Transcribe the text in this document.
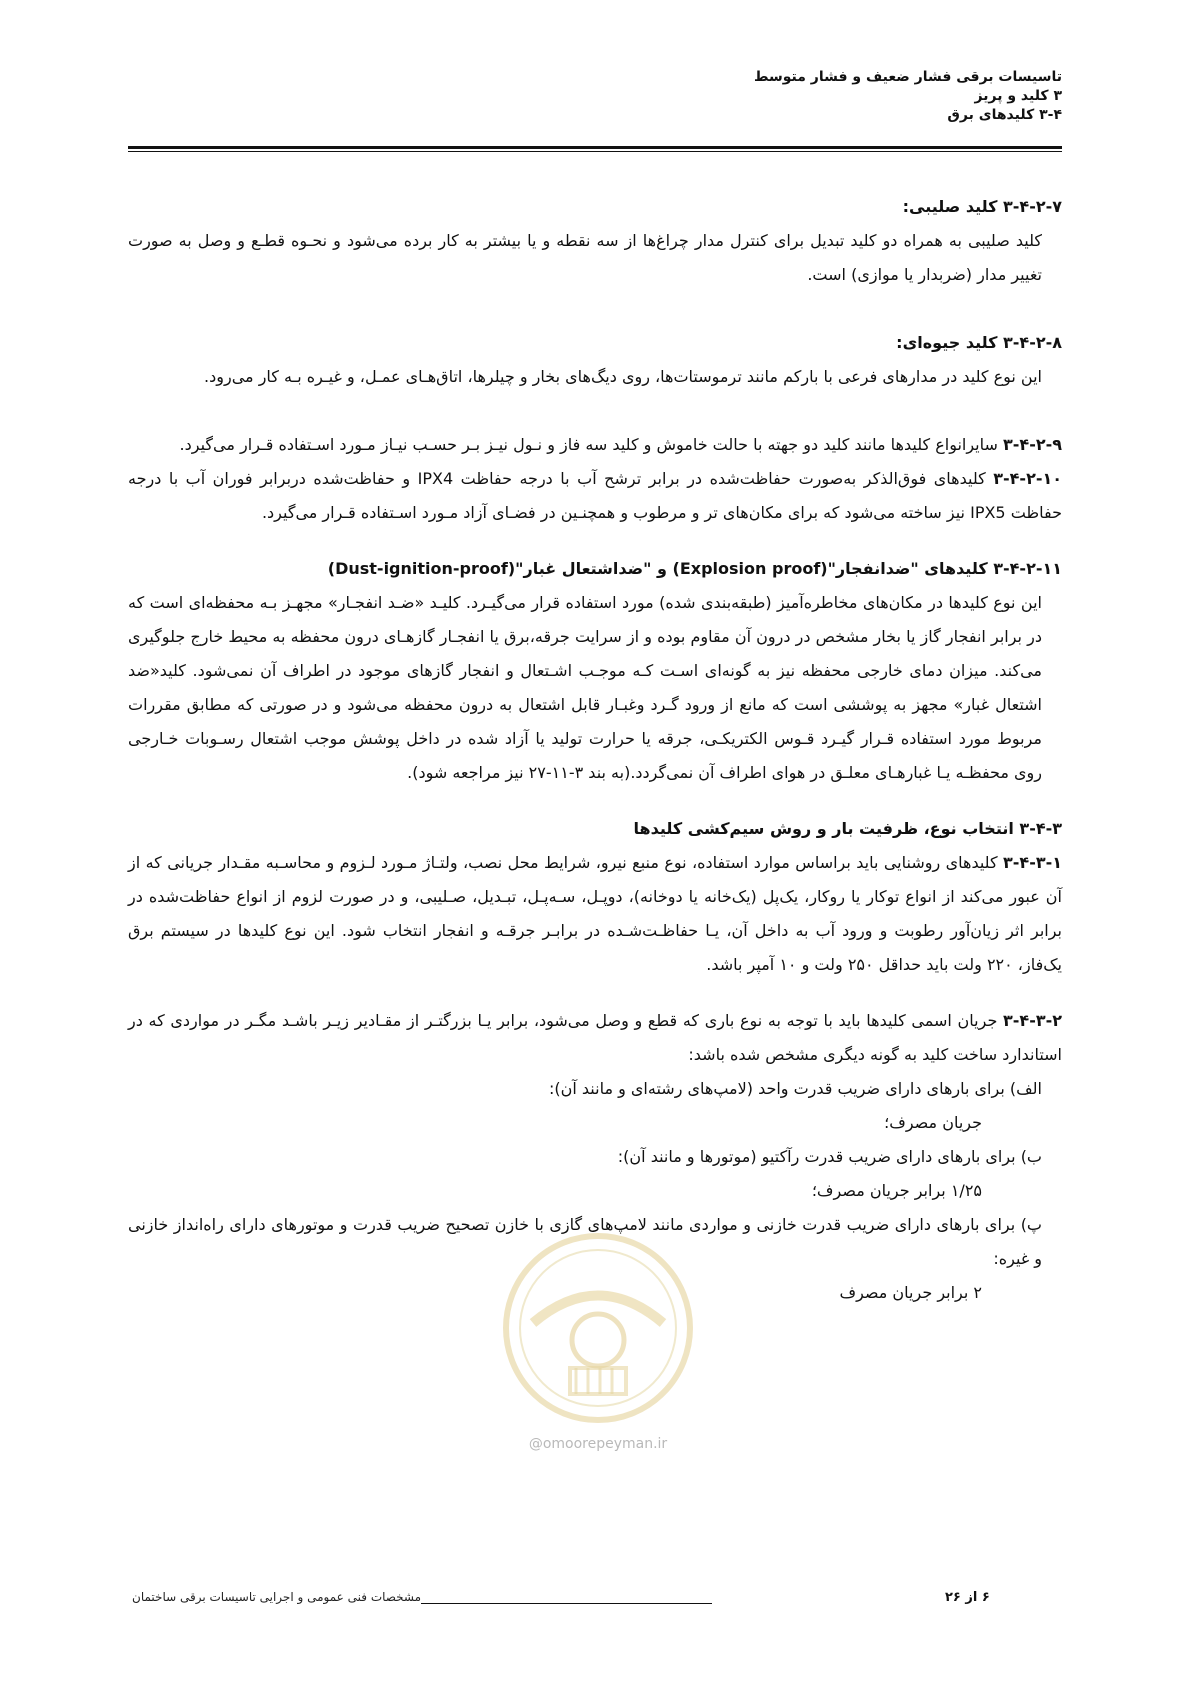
تاسیسات برقی فشار ضعیف و فشار متوسط
۳ کلید و پریز
۳-۴ کلیدهای برق

۳-۴-۲-۷ کلید صلیبی:

کلید صلیبی به همراه دو کلید تبدیل برای کنترل مدار چراغ‌ها از سه نقطه و یا بیشتر به کار برده می‌شود و نحـوه قطـع و وصل به صورت تغییر مدار (ضربدار یا موازی) است.

۳-۴-۲-۸ کلید جیوه‌ای:

این نوع کلید در مدارهای فرعی با بارکم مانند ترموستات‌ها، روی دیگ‌های بخار و چیلرها، اتاق‌هـای عمـل، و غیـره بـه کار می‌رود.

۳-۴-۲-۹ سایرانواع کلیدها مانند کلید دو جهته با حالت خاموش و کلید سه فاز و نـول نیـز بـر حسـب نیـاز مـورد اسـتفاده قـرار می‌گیرد.

۳-۴-۲-۱۰ کلیدهای فوق‌الذکر به‌صورت حفاظت‌شده در برابر ترشح آب با درجه حفاظت IPX4 و حفاظت‌شده دربرابر فوران آب با درجه حفاظت IPX5 نیز ساخته می‌شود که برای مکان‌های تر و مرطوب و همچنـین در فضـای آزاد مـورد اسـتفاده قـرار می‌گیرد.

۳-۴-۲-۱۱ کلیدهای "ضدانفجار"(Explosion proof) و "ضداشتعال غبار"(Dust-ignition-proof)

این نوع کلیدها در مکان‌های مخاطره‌آمیز (طبقه‌بندی شده) مورد استفاده قرار می‌گیـرد. کلیـد «ضـد انفجـار» مجهـز بـه محفظه‌ای است که در برابر انفجار گاز یا بخار مشخص در درون آن مقاوم بوده و از سرایت جرقه،برق یا انفجـار گازهـای درون محفظه به محیط خارج جلوگیری می‌کند. میزان دمای خارجی محفظه نیز به گونه‌ای اسـت کـه موجـب اشـتعال و انفجار گازهای موجود در اطراف آن نمی‌شود. کلید«ضد اشتعال غبار» مجهز به پوششی است که مانع از ورود گـرد وغبـار قابل اشتعال به درون محفظه می‌شود و در صورتی که مطابق مقررات مربوط مورد استفاده قـرار گیـرد قـوس الکتریکـی، جرقه یا حرارت تولید یا آزاد شده در داخل پوشش موجب اشتعال رسـوبات خـارجی روی محفظـه یـا غبارهـای معلـق در هوای اطراف آن نمی‌گردد.(به بند ۳-۱۱-۲۷ نیز مراجعه شود).

۳-۴-۳ انتخاب نوع، ظرفیت بار و روش سیم‌کشی کلیدها

۳-۴-۳-۱ کلیدهای روشنایی باید براساس موارد استفاده، نوع منبع نیرو، شرایط محل نصب، ولتـاژ مـورد لـزوم و محاسـبه مقـدار جریانی که از آن عبور می‌کند از انواع توکار یا روکار، یک‌پل (یک‌خانه یا دوخانه)، دوپـل، سـه‌پـل، تبـدیل، صـلیبی، و در صورت لزوم از انواع حفاظت‌شده در برابر اثر زیان‌آور رطوبت و ورود آب به داخل آن، یـا حفاظـت‌شـده در برابـر جرقـه و انفجار انتخاب شود. این نوع کلیدها در سیستم برق یک‌فاز، ۲۲۰ ولت باید حداقل ۲۵۰ ولت و ۱۰ آمپر باشد.

۳-۴-۳-۲ جریان اسمی کلیدها باید با توجه به نوع باری که قطع و وصل می‌شود، برابر یـا بزرگتـر از مقـادیر زیـر باشـد مگـر در مواردی که در استاندارد ساخت کلید به گونه دیگری مشخص شده باشد:

الف) برای بارهای دارای ضریب قدرت واحد (لامپ‌های رشته‌ای و مانند آن):

جریان مصرف؛

ب) برای بارهای دارای ضریب قدرت رآکتیو (موتورها و مانند آن):

۱/۲۵ برابر جریان مصرف؛

پ) برای بارهای دارای ضریب قدرت خازنی و مواردی مانند لامپ‌های گازی با خازن تصحیح ضریب قدرت و موتورهای دارای راه‌انداز خازنی و غیره:

۲ برابر جریان مصرف

@omoorepeyman.ir
۶ از ۲۶
مشخصات فنی عمومی و اجرایی تاسیسات برقی ساختمان
